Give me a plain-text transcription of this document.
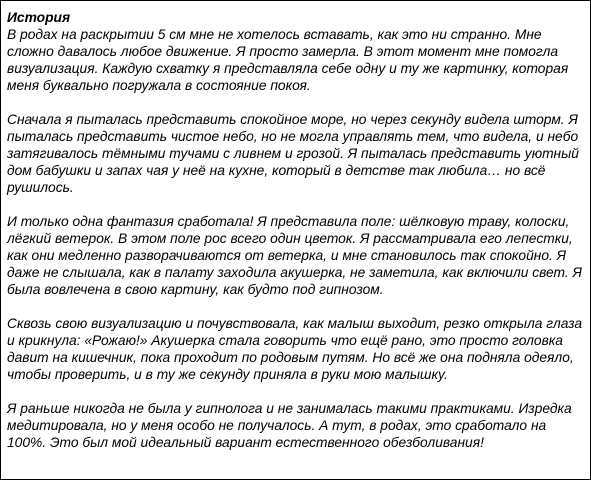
История

В родах на раскрытии 5 см мне не хотелось вставать, как это ни странно. Мне сложно давалось любое движение. Я просто замерла. В этот момент мне помогла визуализация. Каждую схватку я представляла себе одну и ту же картинку, которая меня буквально погружала в состояние покоя.

Сначала я пыталась представить спокойное море, но через секунду видела шторм. Я пыталась представить чистое небо, но не могла управлять тем, что видела, и небо затягивалось тёмными тучами с ливнем и грозой. Я пыталась представить уютный дом бабушки и запах чая у неё на кухне, который в детстве так любила… но всё рушилось.

И только одна фантазия сработала! Я представила поле: шёлковую траву, колоски, лёгкий ветерок. В этом поле рос всего один цветок. Я рассматривала его лепестки, как они медленно разворачиваются от ветерка, и мне становилось так спокойно. Я даже не слышала, как в палату заходила акушерка, не заметила, как включили свет. Я была вовлечена в свою картину, как будто под гипнозом.

Сквозь свою визуализацию и почувствовала, как малыш выходит, резко открыла глаза и крикнула: «Рожаю!» Акушерка стала говорить что ещё рано, это просто головка давит на кишечник, пока проходит по родовым путям. Но всё же она подняла одеяло, чтобы проверить, и в ту же секунду приняла в руки мою малышку.

Я раньше никогда не была у гипнолога и не занималась такими практиками. Изредка медитировала, но у меня особо не получалось. А тут, в родах, это сработало на 100%. Это был мой идеальный вариант естественного обезболивания!
